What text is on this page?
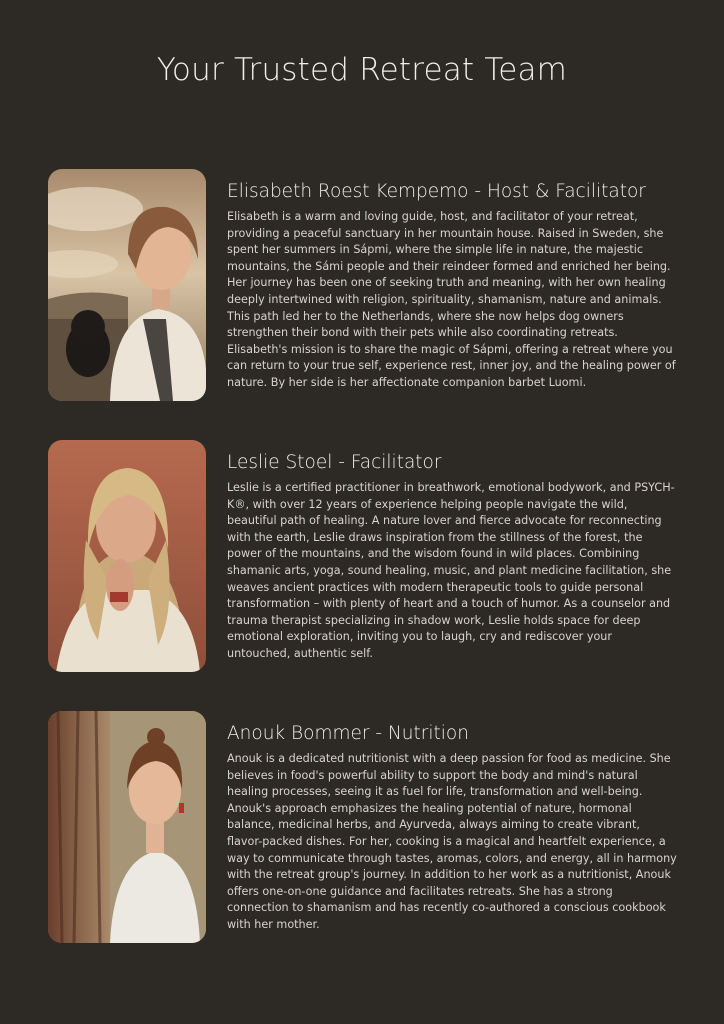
Your Trusted Retreat Team
Elisabeth Roest Kempemo - Host & Facilitator

Elisabeth is a warm and loving guide, host, and facilitator of your retreat, providing a peaceful sanctuary in her mountain house. Raised in Sweden, she spent her summers in Sápmi, where the simple life in nature, the majestic mountains, the Sámi people and their reindeer formed and enriched her being. Her journey has been one of seeking truth and meaning, with her own healing deeply intertwined with religion, spirituality, shamanism, nature and animals. This path led her to the Netherlands, where she now helps dog owners strengthen their bond with their pets while also coordinating retreats. Elisabeth's mission is to share the magic of Sápmi, offering a retreat where you can return to your true self, experience rest, inner joy, and the healing power of nature. By her side is her affectionate companion barbet Luomi.

Leslie Stoel - Facilitator

Leslie is a certified practitioner in breathwork, emotional bodywork, and PSYCH-K®, with over 12 years of experience helping people navigate the wild, beautiful path of healing. A nature lover and fierce advocate for reconnecting with the earth, Leslie draws inspiration from the stillness of the forest, the power of the mountains, and the wisdom found in wild places. Combining shamanic arts, yoga, sound healing, music, and plant medicine facilitation, she weaves ancient practices with modern therapeutic tools to guide personal transformation – with plenty of heart and a touch of humor. As a counselor and trauma therapist specializing in shadow work, Leslie holds space for deep emotional exploration, inviting you to laugh, cry and rediscover your untouched, authentic self.

Anouk Bommer - Nutrition

Anouk is a dedicated nutritionist with a deep passion for food as medicine. She believes in food's powerful ability to support the body and mind's natural healing processes, seeing it as fuel for life, transformation and well-being. Anouk's approach emphasizes the healing potential of nature, hormonal balance, medicinal herbs, and Ayurveda, always aiming to create vibrant, flavor-packed dishes. For her, cooking is a magical and heartfelt experience, a way to communicate through tastes, aromas, colors, and energy, all in harmony with the retreat group's journey. In addition to her work as a nutritionist, Anouk offers one-on-one guidance and facilitates retreats. She has a strong connection to shamanism and has recently co-authored a conscious cookbook with her mother.
